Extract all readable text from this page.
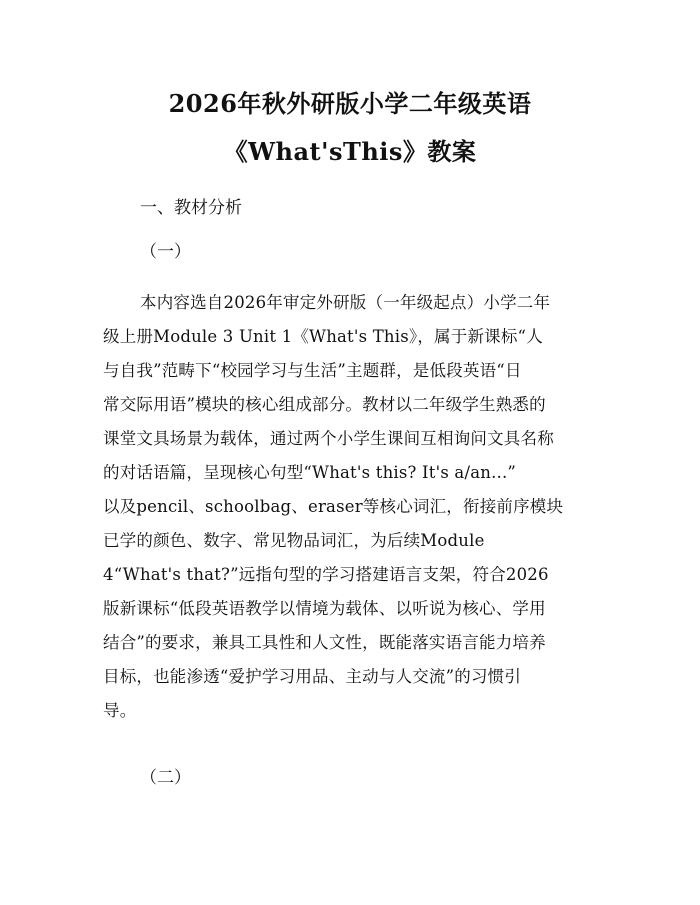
2026年秋外研版小学二年级英语
《What'sThis》教案
一、教材分析
（一）
本内容选自2026年审定外研版（一年级起点）小学二年
级上册Module 3 Unit 1《What's This》，属于新课标“人
与自我”范畴下“校园学习与生活”主题群，是低段英语“日
常交际用语”模块的核心组成部分。教材以二年级学生熟悉的
课堂文具场景为载体，通过两个小学生课间互相询问文具名称
的对话语篇，呈现核心句型“What's this? It's a/an...”
以及pencil、schoolbag、eraser等核心词汇，衔接前序模块
已学的颜色、数字、常见物品词汇，为后续Module
4“What's that?”远指句型的学习搭建语言支架，符合2026
版新课标“低段英语教学以情境为载体、以听说为核心、学用
结合”的要求，兼具工具性和人文性，既能落实语言能力培养
目标，也能渗透“爱护学习用品、主动与人交流”的习惯引
导。
（二）
